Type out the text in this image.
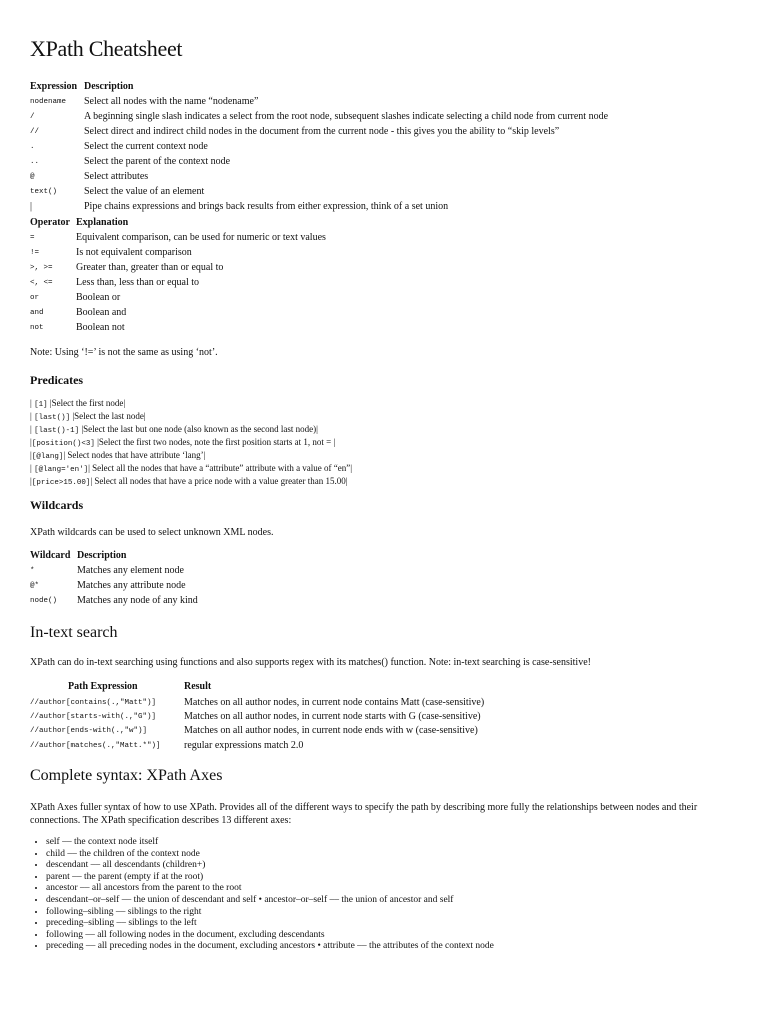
XPath Cheatsheet
Expression Description
nodename Select all nodes with the name “nodename”
/	A beginning single slash indicates a select from the root node, subsequent slashes indicate selecting a child node from current node
//	Select direct and indirect child nodes in the document from the current node - this gives you the ability to “skip levels”
.	Select the current context node
..	Select the parent of the context node
@	Select attributes
text()	Select the value of an element
|	Pipe chains expressions and brings back results from either expression, think of a set union
Operator Explanation
=	Equivalent comparison, can be used for numeric or text values
!=	Is not equivalent comparison
>, >= Greater than, greater than or equal to
<, <= Less than, less than or equal to
or	Boolean or
and	Boolean and
not	Boolean not
Note: Using ‘!=’ is not the same as using ‘not’.
Predicates
| [1] |Select the first node|
| [last()] |Select the last node|
| [last()-1] |Select the last but one node (also known as the second last node)|
|[position()<3] |Select the first two nodes, note the first position starts at 1, not = |
|[@lang]| Select nodes that have attribute ‘lang’|
| [@lang='en']| Select all the nodes that have a “attribute” attribute with a value of “en”|
|[price>15.00]| Select all nodes that have a price node with a value greater than 15.00|
Wildcards
XPath wildcards can be used to select unknown XML nodes.
Wildcard Description
*	Matches any element node
@*	Matches any attribute node
node() Matches any node of any kind
In-text search
XPath can do in-text searching using functions and also supports regex with its matches() function. Note: in-text searching is case-sensitive!
Path Expression	Result
//author[contains(.,"Matt")]	Matches on all author nodes, in current node contains Matt (case-sensitive)
//author[starts-with(.,"G")]	Matches on all author nodes, in current node starts with G (case-sensitive)
//author[ends-with(.,"w")]	Matches on all author nodes, in current node ends with w (case-sensitive)
//author[matches(.,"Matt.*")] regular expressions match 2.0
Complete syntax: XPath Axes
XPath Axes fuller syntax of how to use XPath. Provides all of the different ways to specify the path by describing more fully the relationships between nodes and their connections. The XPath specification describes 13 different axes:
• self –– the context node itself
• child –– the children of the context node
• descendant –– all descendants (children+)
• parent –– the parent (empty if at the root)
• ancestor –– all ancestors from the parent to the root
• descendant–or–self –– the union of descendant and self • ancestor–or–self –– the union of ancestor and self
• following–sibling –– siblings to the right
• preceding–sibling –– siblings to the left
• following –– all following nodes in the document, excluding descendants
• preceding –– all preceding nodes in the document, excluding ancestors • attribute –– the attributes of the context node
